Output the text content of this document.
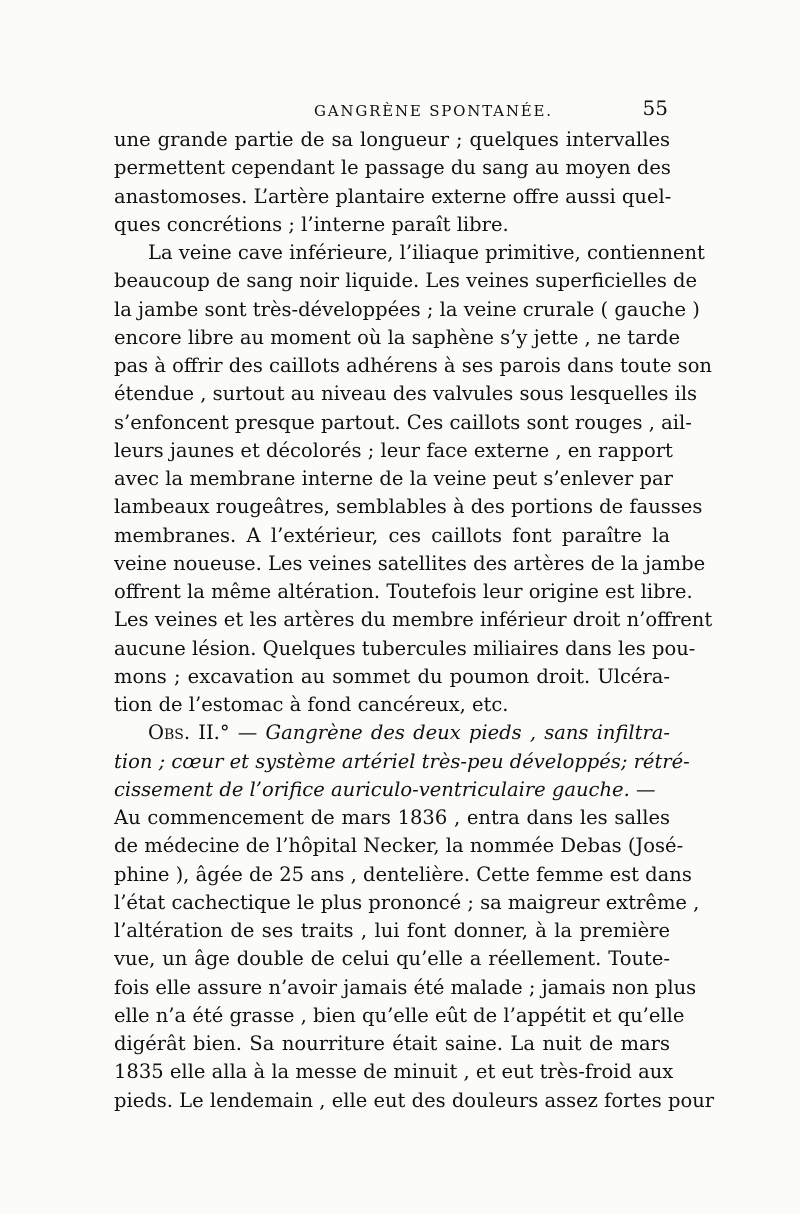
GANGRÈNE SPONTANÉE.	55
une grande partie de sa longueur ; quelques intervalles
permettent cependant le passage du sang au moyen des
anastomoses. L’artère plantaire externe offre aussi quel-
ques concrétions ; l’interne paraît libre.
La veine cave inférieure, l’iliaque primitive, contiennent
beaucoup de sang noir liquide. Les veines superficielles de
la jambe sont très-développées ; la veine crurale ( gauche )
encore libre au moment où la saphène s’y jette , ne tarde
pas à offrir des caillots adhérens à ses parois dans toute son
étendue , surtout au niveau des valvules sous lesquelles ils
s’enfoncent presque partout. Ces caillots sont rouges , ail-
leurs jaunes et décolorés ; leur face externe , en rapport
avec la membrane interne de la veine peut s’enlever par
lambeaux rougeâtres, semblables à des portions de fausses
membranes. A l’extérieur, ces caillots font paraître la
veine noueuse. Les veines satellites des artères de la jambe
offrent la même altération. Toutefois leur origine est libre.
Les veines et les artères du membre inférieur droit n’offrent
aucune lésion. Quelques tubercules miliaires dans les pou-
mons ; excavation au sommet du poumon droit. Ulcéra-
tion de l’estomac à fond cancéreux, etc.
Obs. II.° — Gangrène des deux pieds , sans infiltra-
tion ; cœur et système artériel très-peu développés; rétré-
cissement de l’orifice auriculo-ventriculaire gauche. —
Au commencement de mars 1836 , entra dans les salles
de médecine de l’hôpital Necker, la nommée Debas (José-
phine ), âgée de 25 ans , dentelière. Cette femme est dans
l’état cachectique le plus prononcé ; sa maigreur extrême ,
l’altération de ses traits , lui font donner, à la première
vue, un âge double de celui qu’elle a réellement. Toute-
fois elle assure n’avoir jamais été malade ; jamais non plus
elle n’a été grasse , bien qu’elle eût de l’appétit et qu’elle
digérât bien. Sa nourriture était saine. La nuit de mars
1835 elle alla à la messe de minuit , et eut très-froid aux
pieds. Le lendemain , elle eut des douleurs assez fortes pour
